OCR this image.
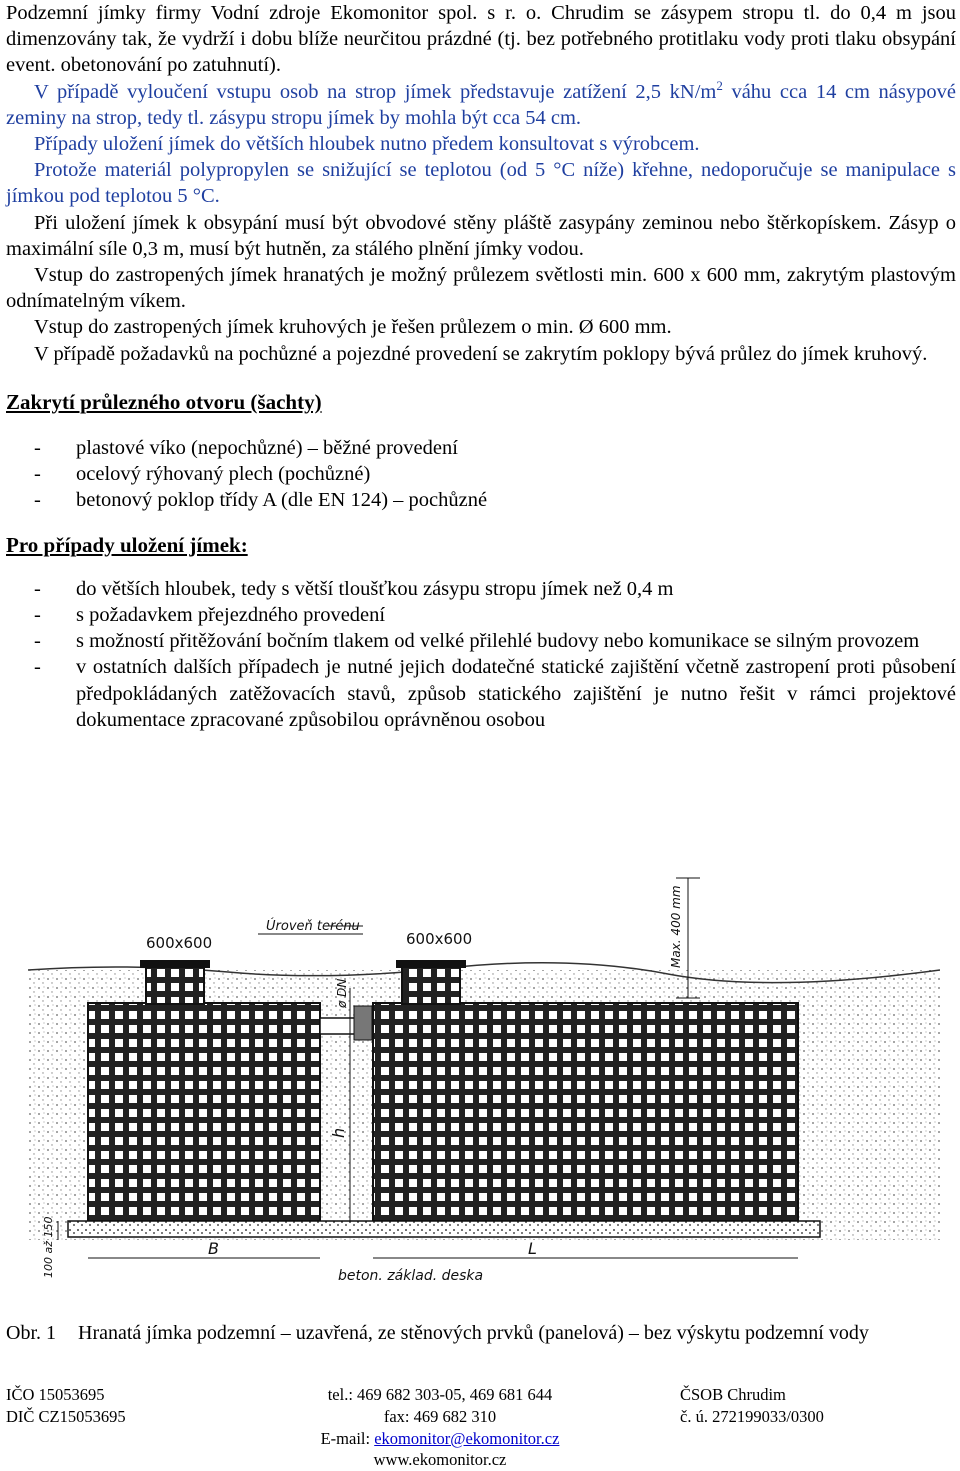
Podzemní jímky firmy Vodní zdroje Ekomonitor spol. s r. o. Chrudim se zásypem stropu tl. do 0,4 m jsou dimenzovány tak, že vydrží i dobu blíže neurčitou prázdné (tj. bez potřebného protitlaku vody proti tlaku obsypání event. obetonování po zatuhnutí).

V případě vyloučení vstupu osob na strop jímek představuje zatížení 2,5 $kN/m^2$ váhu cca 14 cm násypové zeminy na strop, tedy tl. zásypu stropu jímek by mohla být cca 54 cm.

Případy uložení jímek do větších hloubek nutno předem konsultovat s výrobcem.

Protože materiál polypropylen se snižující se teplotou (od 5 °C níže) křehne, nedoporučuje se manipulace s jímkou pod teplotou 5 °C.

Při uložení jímek k obsypání musí být obvodové stěny pláště zasypány zeminou nebo štěrkopískem. Zásyp o maximální síle 0,3 m, musí být hutněn, za stálého plnění jímky vodou.

Vstup do zastropených jímek hranatých je možný průlezem světlosti min. 600 x 600 mm, zakrytým plastovým odnímatelným víkem.

Vstup do zastropených jímek kruhových je řešen průlezem o min. Ø 600 mm.

V případě požadavků na pochůzné a pojezdné provedení se zakrytím poklopy bývá průlez do jímek kruhový.

Zakrytí průlezného otvoru (šachty)

- plastové víko (nepochůzné) – běžné provedení
- ocelový rýhovaný plech (pochůzné)
- betonový poklop třídy A (dle EN 124) – pochůzné

Pro případy uložení jímek:

- do větších hloubek, tedy s větší tloušťkou zásypu stropu jímek než 0,4 m
- s požadavkem přejezdného provedení
- s možností přitěžování bočním tlakem od velké přilehlé budovy nebo komunikace se silným provozem
- v ostatních dalších případech je nutné jejich dodatečné statické zajištění včetně zastropení proti působení předpokládaných zatěžovacích stavů, způsob statického zajištění je nutno řešit v rámci projektové dokumentace zpracované způsobilou oprávněnou osobou
600x600
Úroveň terénu
600x600	Max. 400 mm
ø DN
h
100 až 150	B	L
beton. základ. deska
Obr. 1 Hranatá jímka podzemní – uzavřená, ze stěnových prvků (panelová) – bez výskytu podzemní vody
IČO 15053695
DIČ CZ15053695
tel.: 469 682 303-05, 469 681 644
fax: 469 682 310
E-mail: ekomonitor@ekomonitor.cz
www.ekomonitor.cz
ČSOB Chrudim
č. ú. 272199033/0300
